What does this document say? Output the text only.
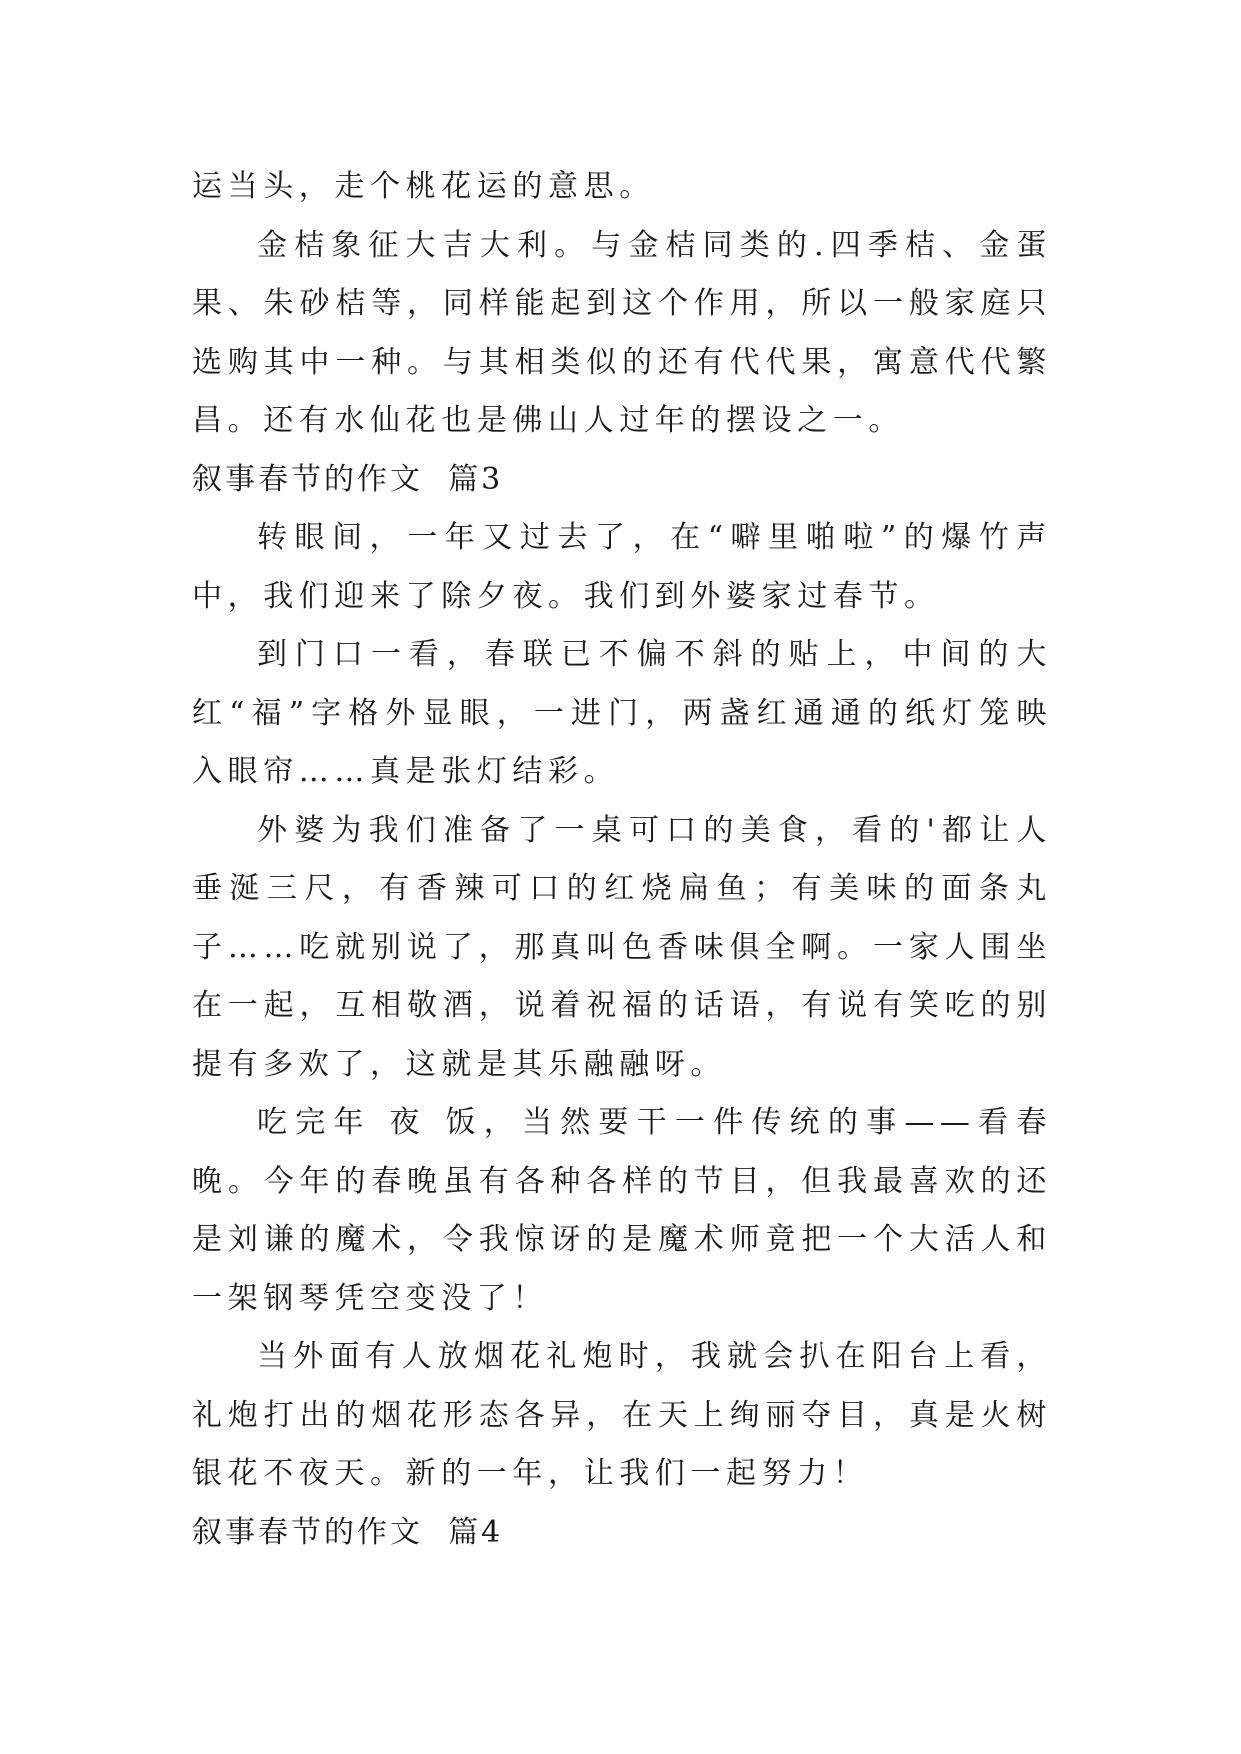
运当头，走个桃花运的意思。

金桔象征大吉大利。与金桔同类的.四季桔、金蛋果、朱砂桔等，同样能起到这个作用，所以一般家庭只选购其中一种。与其相类似的还有代代果，寓意代代繁昌。还有水仙花也是佛山人过年的摆设之一。

叙事春节的作文  篇3

转眼间，一年又过去了，在“噼里啪啦”的爆竹声中，我们迎来了除夕夜。我们到外婆家过春节。

到门口一看，春联已不偏不斜的贴上，中间的大红“福”字格外显眼，一进门，两盏红通通的纸灯笼映入眼帘……真是张灯结彩。

外婆为我们准备了一桌可口的美食，看的'都让人垂涎三尺，有香辣可口的红烧扁鱼；有美味的面条丸子……吃就别说了，那真叫色香味俱全啊。一家人围坐在一起，互相敬酒，说着祝福的话语，有说有笑吃的别提有多欢了，这就是其乐融融呀。

吃完年 夜 饭，当然要干一件传统的事——看春晚。今年的春晚虽有各种各样的节目，但我最喜欢的还是刘谦的魔术，令我惊讶的是魔术师竟把一个大活人和一架钢琴凭空变没了！

当外面有人放烟花礼炮时，我就会扒在阳台上看，礼炮打出的烟花形态各异，在天上绚丽夺目，真是火树银花不夜天。新的一年，让我们一起努力！

叙事春节的作文  篇4
